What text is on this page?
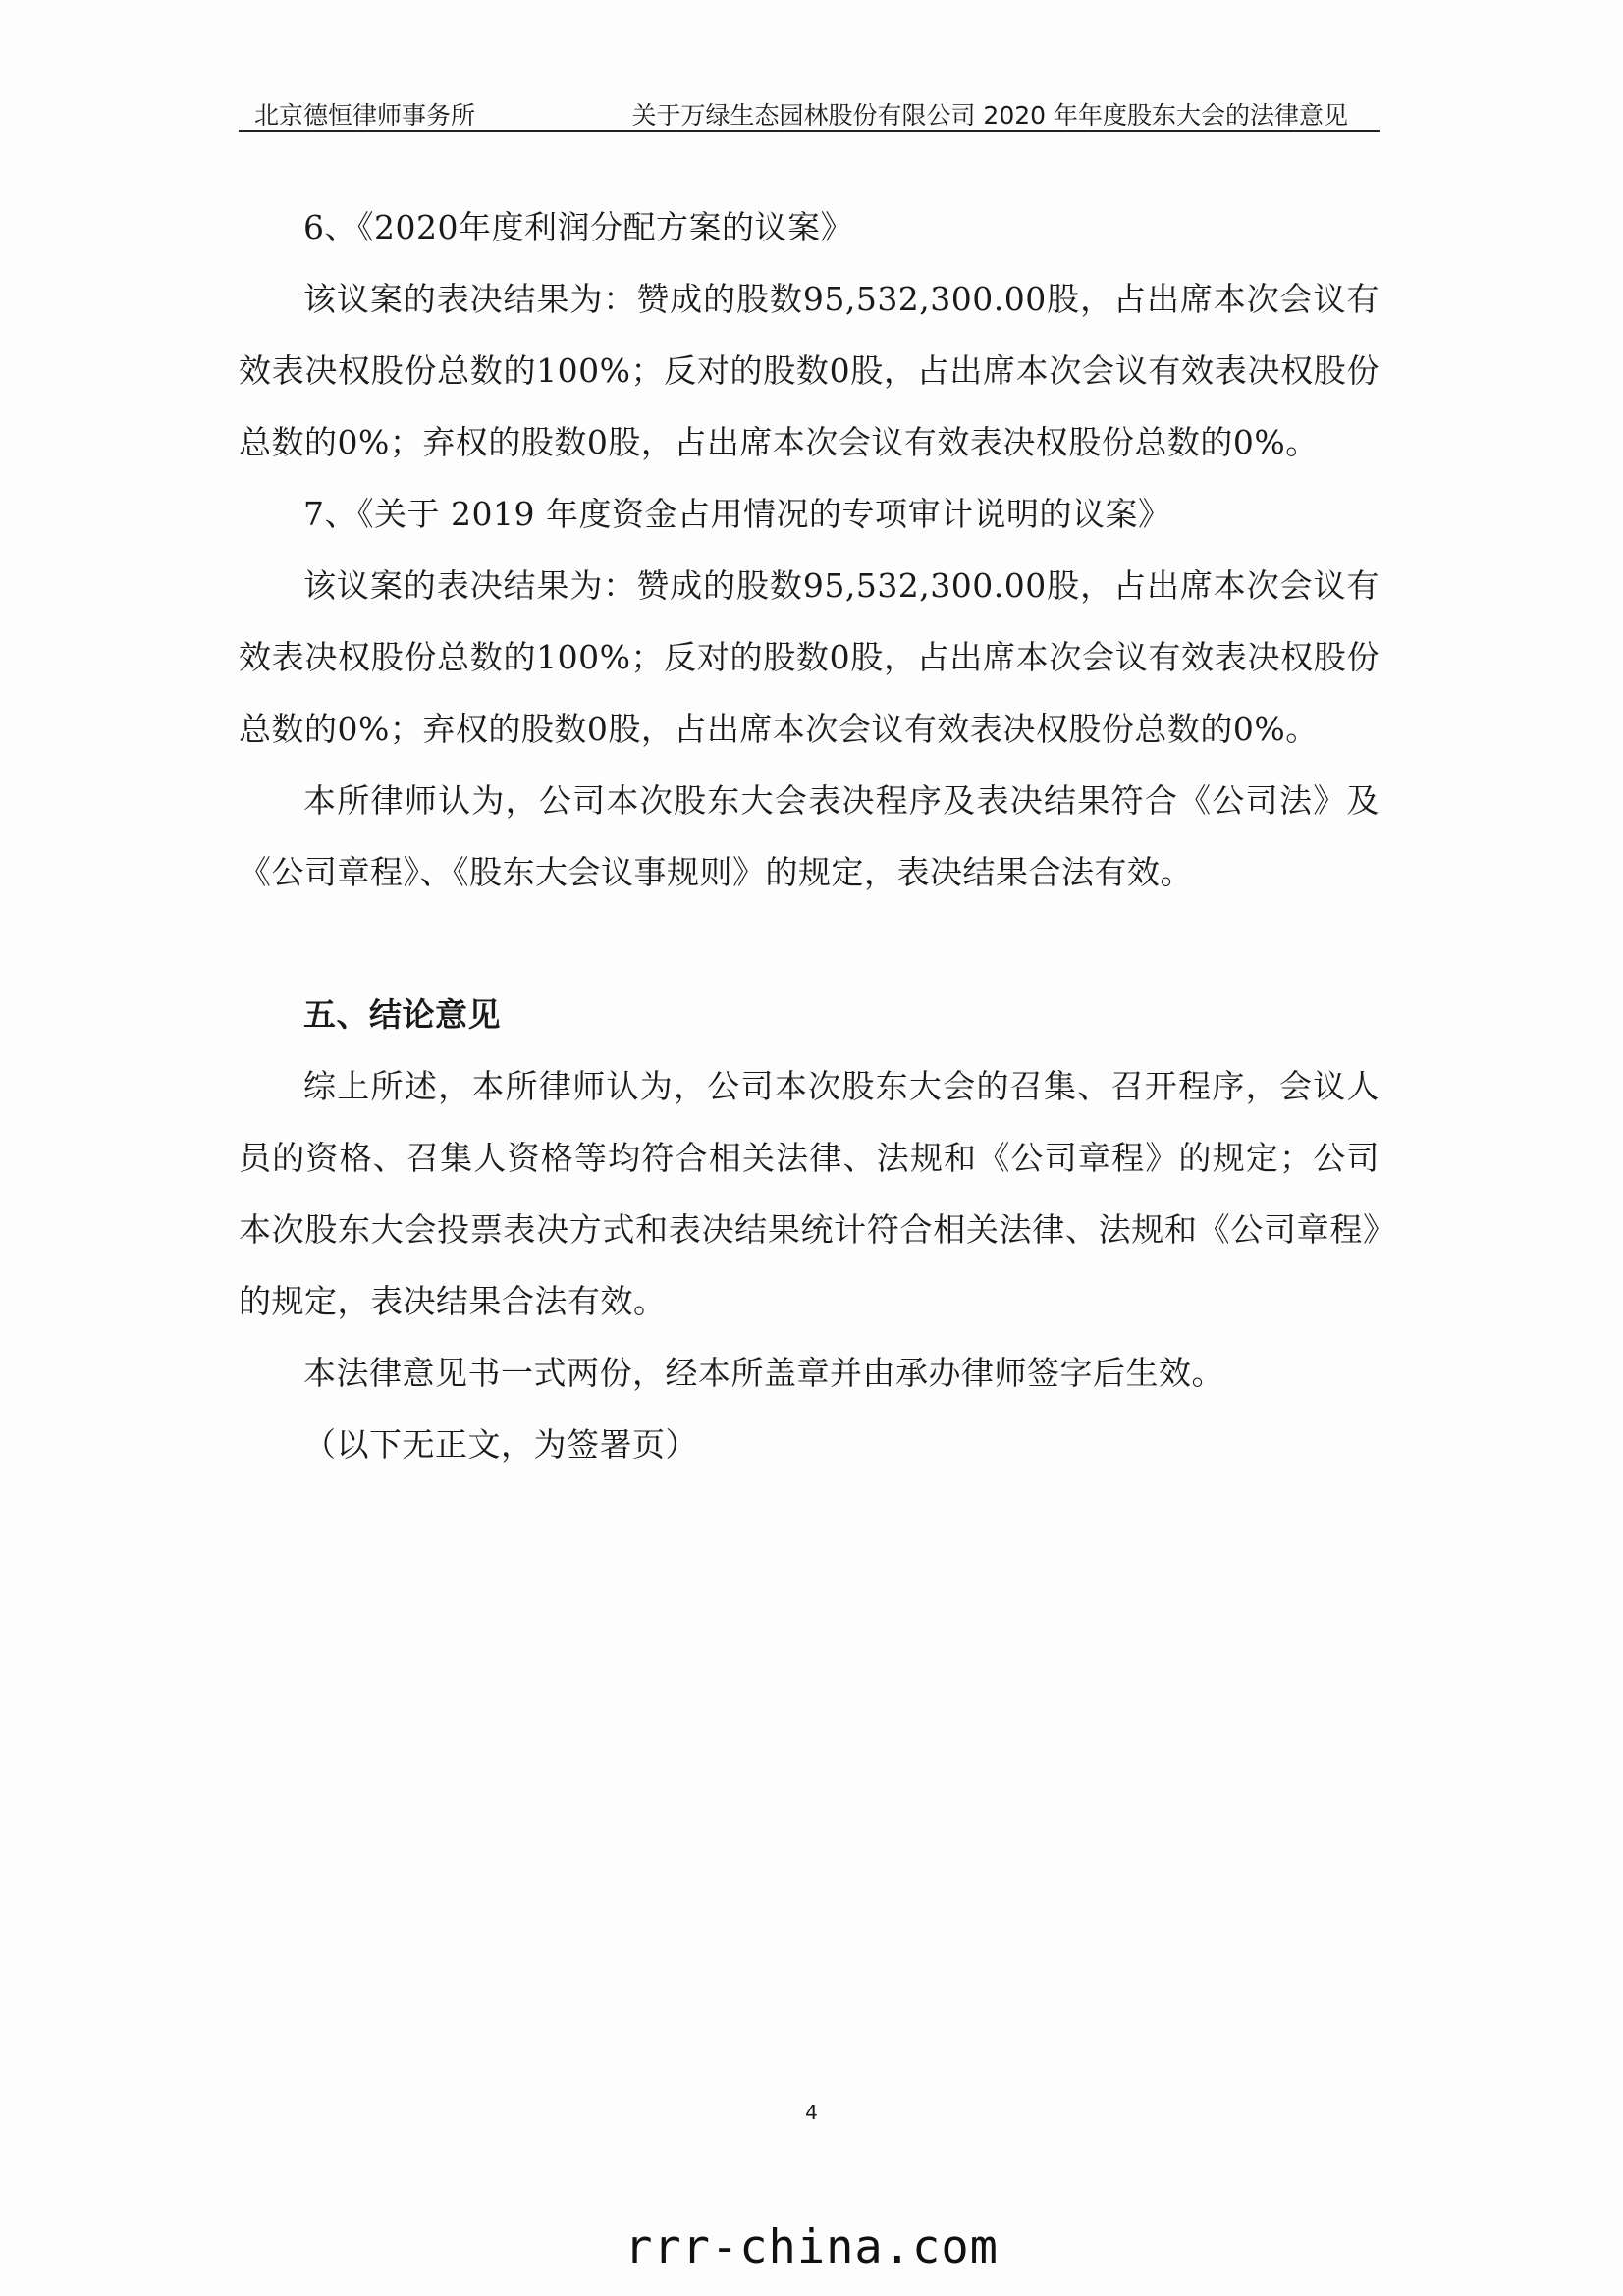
北京德恒律师事务所	关于万绿生态园林股份有限公司 2020 年年度股东大会的法律意见

6、《2020年度利润分配方案的议案》

该议案的表决结果为：赞成的股数95,532,300.00股，占出席本次会议有效表决权股份总数的100%；反对的股数0股，占出席本次会议有效表决权股份总数的0%；弃权的股数0股，占出席本次会议有效表决权股份总数的0%。

7、《关于 2019 年度资金占用情况的专项审计说明的议案》

该议案的表决结果为：赞成的股数95,532,300.00股，占出席本次会议有效表决权股份总数的100%；反对的股数0股，占出席本次会议有效表决权股份总数的0%；弃权的股数0股，占出席本次会议有效表决权股份总数的0%。

本所律师认为，公司本次股东大会表决程序及表决结果符合《公司法》及《公司章程》、《股东大会议事规则》的规定，表决结果合法有效。

五、结论意见

综上所述，本所律师认为，公司本次股东大会的召集、召开程序，会议人员的资格、召集人资格等均符合相关法律、法规和《公司章程》的规定；公司本次股东大会投票表决方式和表决结果统计符合相关法律、法规和《公司章程》的规定，表决结果合法有效。

本法律意见书一式两份，经本所盖章并由承办律师签字后生效。

（以下无正文，为签署页）

4
rrr-china.com
